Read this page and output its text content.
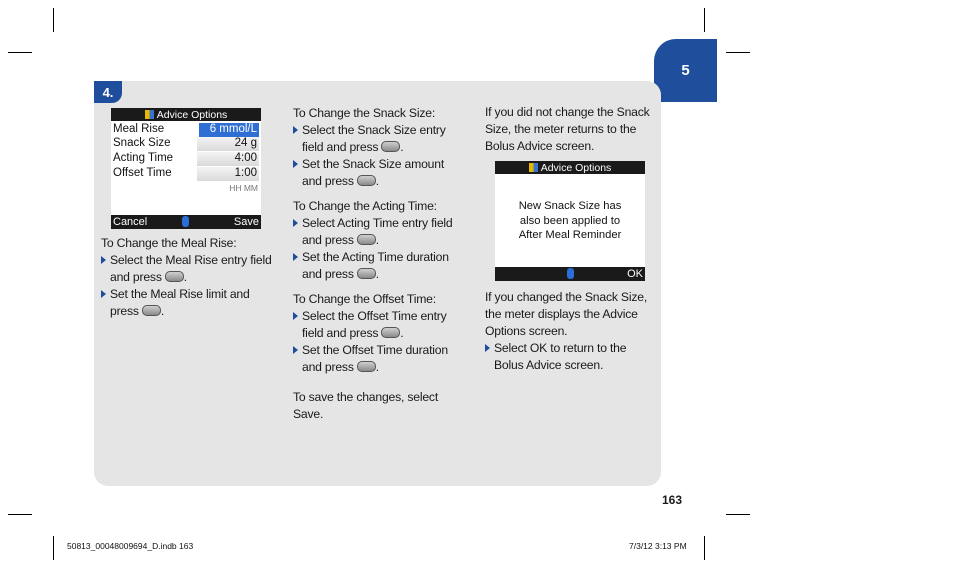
5
4.
Advice Options
Meal Rise	6 mmol/L
Snack Size	24 g
Acting Time	4:00
Offset Time	1:00
HH MM
Cancel	Save
To Change the Meal Rise:
Select the Meal Rise entry field
and press .
Set the Meal Rise limit and
press .
To Change the Snack Size:
Select the Snack Size entry
field and press .
Set the Snack Size amount
and press .
To Change the Acting Time:
Select Acting Time entry field
and press .
Set the Acting Time duration
and press .
To Change the Offset Time:
Select the Offset Time entry
field and press .
Set the Offset Time duration
and press .
To save the changes, select
Save.
If you did not change the Snack
Size, the meter returns to the
Bolus Advice screen.
Advice Options
New Snack Size has
also been applied to
After Meal Reminder
OK
If you changed the Snack Size,
the meter displays the Advice
Options screen.
Select OK to return to the
Bolus Advice screen.
163
50813_00048009694_D.indb 163	7/3/12 3:13 PM
